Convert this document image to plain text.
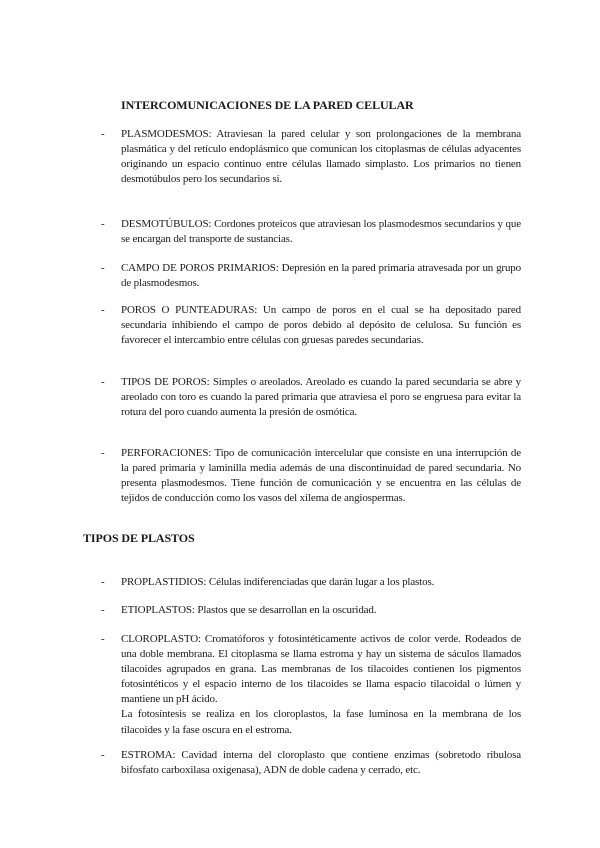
INTERCOMUNICACIONES DE LA PARED CELULAR
- PLASMODESMOS: Atraviesan la pared celular y son prolongaciones de la membrana plasmática y del retículo endoplásmico que comunican los citoplasmas de células adyacentes originando un espacio continuo entre células llamado simplasto. Los primarios no tienen desmotúbulos pero los secundarios sí.

- DESMOTÚBULOS: Cordones proteicos que atraviesan los plasmodesmos secundarios y que se encargan del transporte de sustancias.

- CAMPO DE POROS PRIMARIOS: Depresión en la pared primaria atravesada por un grupo de plasmodesmos.

- POROS O PUNTEADURAS: Un campo de poros en el cual se ha depositado pared secundaria inhibiendo el campo de poros debido al depósito de celulosa. Su función es favorecer el intercambio entre células con gruesas paredes secundarias.

- TIPOS DE POROS: Simples o areolados. Areolado es cuando la pared secundaria se abre y areolado con toro es cuando la pared primaria que atraviesa el poro se engruesa para evitar la rotura del poro cuando aumenta la presión de osmótica.

- PERFORACIONES: Tipo de comunicación intercelular que consiste en una interrupción de la pared primaria y laminilla media además de una discontinuidad de pared secundaria. No presenta plasmodesmos. Tiene función de comunicación y se encuentra en las células de tejidos de conducción como los vasos del xilema de angiospermas.

TIPOS DE PLASTOS
- PROPLASTIDIOS: Células indiferenciadas que darán lugar a los plastos.

- ETIOPLASTOS: Plastos que se desarrollan en la oscuridad.

- CLOROPLASTO: Cromatóforos y fotosintéticamente activos de color verde. Rodeados de una doble membrana. El citoplasma se llama estroma y hay un sistema de sáculos llamados tilacoides agrupados en grana. Las membranas de los tilacoides contienen los pigmentos fotosintéticos y el espacio interno de los tilacoides se llama espacio tilacoidal o lúmen y mantiene un pH ácido.

La fotosíntesis se realiza en los cloroplastos, la fase luminosa en la membrana de los tilacoides y la fase oscura en el estroma.

- ESTROMA: Cavidad interna del cloroplasto que contiene enzimas (sobretodo ribulosa bifosfato carboxilasa oxigenasa), ADN de doble cadena y cerrado, etc.
